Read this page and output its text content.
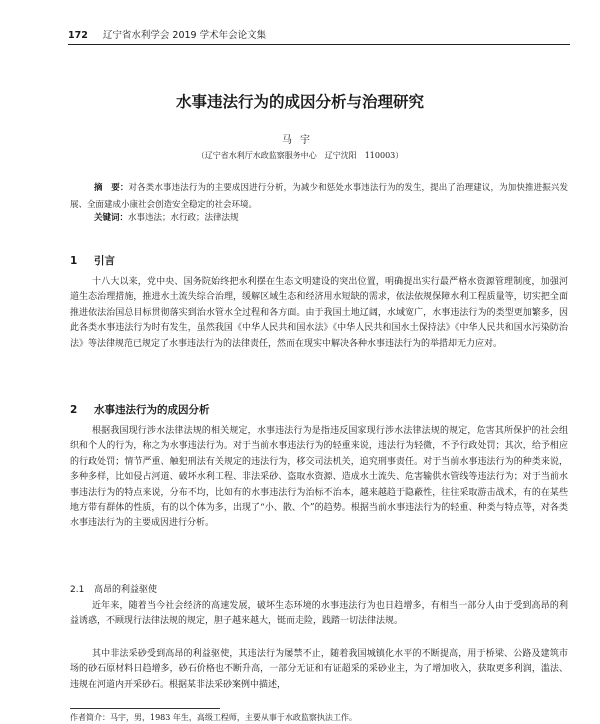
172 辽宁省水利学会 2019 学术年会论文集
水事违法行为的成因分析与治理研究
马宇
（辽宁省水利厅水政监察服务中心　辽宁沈阳　110003）
摘　要：对各类水事违法行为的主要成因进行分析，为减少和惩处水事违法行为的发生，提出了治理建议，为加快推进振兴发展、全面建成小康社会创造安全稳定的社会环境。
关键词：水事违法；水行政；法律法规
1 引言

十八大以来，党中央、国务院始终把水利摆在生态文明建设的突出位置，明确提出实行最严格水资源管理制度，加强河道生态治理措施，推进水土流失综合治理，缓解区域生态和经济用水短缺的需求，依法依规保障水利工程质量等，切实把全面推进依法治国总目标贯彻落实到治水管水全过程和各方面。由于我国土地辽阔，水域宽广，水事违法行为的类型更加繁多，因此各类水事违法行为时有发生，虽然我国《中华人民共和国水法》《中华人民共和国水土保持法》《中华人民共和国水污染防治法》等法律规范已规定了水事违法行为的法律责任，然而在现实中解决各种水事违法行为的举措却无力应对。

2 水事违法行为的成因分析

根据我国现行涉水法律法规的相关规定，水事违法行为是指违反国家现行涉水法律法规的规定，危害其所保护的社会组织和个人的行为，称之为水事违法行为。对于当前水事违法行为的轻重来说，违法行为轻微，不予行政处罚；其次，给予相应的行政处罚；情节严重、触犯刑法有关规定的违法行为，移交司法机关，追究刑事责任。对于当前水事违法行为的种类来说，多种多样，比如侵占河道、破坏水利工程、非法采砂、盗取水资源、造成水土流失、危害输供水管线等违法行为；对于当前水事违法行为的特点来说，分布不均，比如有的水事违法行为治标不治本，越来越趋于隐蔽性，往往采取游击战术，有的在某些地方带有群体的性质，有的以个体为多，出现了“小、散、个”的趋势。根据当前水事违法行为的轻重、种类与特点等，对各类水事违法行为的主要成因进行分析。

2.1 高昂的利益驱使

近年来，随着当今社会经济的高速发展，破坏生态环境的水事违法行为也日趋增多，有相当一部分人由于受到高昂的利益诱惑，不顾现行法律法规的规定，胆子越来越大，铤而走险，践踏一切法律法规。

其中非法采砂受到高昂的利益驱使，其违法行为屡禁不止，随着我国城镇化水平的不断提高，用于桥梁、公路及建筑市场的砂石原材料日趋增多，砂石价格也不断升高，一部分无证和有证超采的采砂业主，为了增加收入，获取更多利润，滥法、违规在河道内开采砂石。根据某非法采砂案例中描述，

作者简介：马宇，男，1983 年生，高级工程师，主要从事于水政监察执法工作。
